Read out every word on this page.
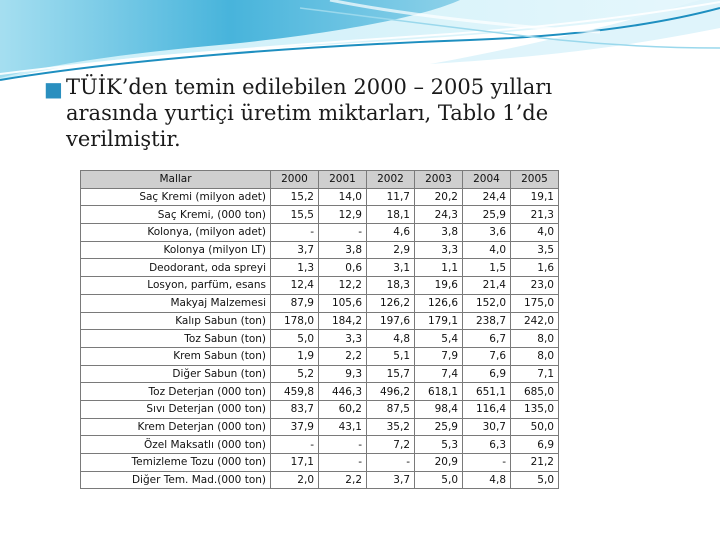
■ TÜİK’den temin edilebilen 2000 – 2005 yılları
arasında yurtiçi üretim miktarları, Tablo 1’de
verilmiştir.
Mallar	2000	2001	2002	2003	2004	2005
Saç Kremi (milyon adet)	15,2	14,0	11,7	20,2	24,4	19,1
Saç Kremi, (000 ton)	15,5	12,9	18,1	24,3	25,9	21,3
Kolonya, (milyon adet)	-	-	4,6	3,8	3,6	4,0
Kolonya (milyon LT)	3,7	3,8	2,9	3,3	4,0	3,5
Deodorant, oda spreyi	1,3	0,6	3,1	1,1	1,5	1,6
Losyon, parfüm, esans	12,4	12,2	18,3	19,6	21,4	23,0
Makyaj Malzemesi	87,9	105,6	126,2	126,6	152,0	175,0
Kalıp Sabun (ton)	178,0	184,2	197,6	179,1	238,7	242,0
Toz Sabun (ton)	5,0	3,3	4,8	5,4	6,7	8,0
Krem Sabun (ton)	1,9	2,2	5,1	7,9	7,6	8,0
Diğer Sabun (ton)	5,2	9,3	15,7	7,4	6,9	7,1
Toz Deterjan (000 ton)	459,8	446,3	496,2	618,1	651,1	685,0
Sıvı Deterjan (000 ton)	83,7	60,2	87,5	98,4	116,4	135,0
Krem Deterjan (000 ton)	37,9	43,1	35,2	25,9	30,7	50,0
Özel Maksatlı (000 ton)	-	-	7,2	5,3	6,3	6,9
Temizleme Tozu (000 ton)	17,1	-	-	20,9	-	21,2
Diğer Tem. Mad.(000 ton)	2,0	2,2	3,7	5,0	4,8	5,0
